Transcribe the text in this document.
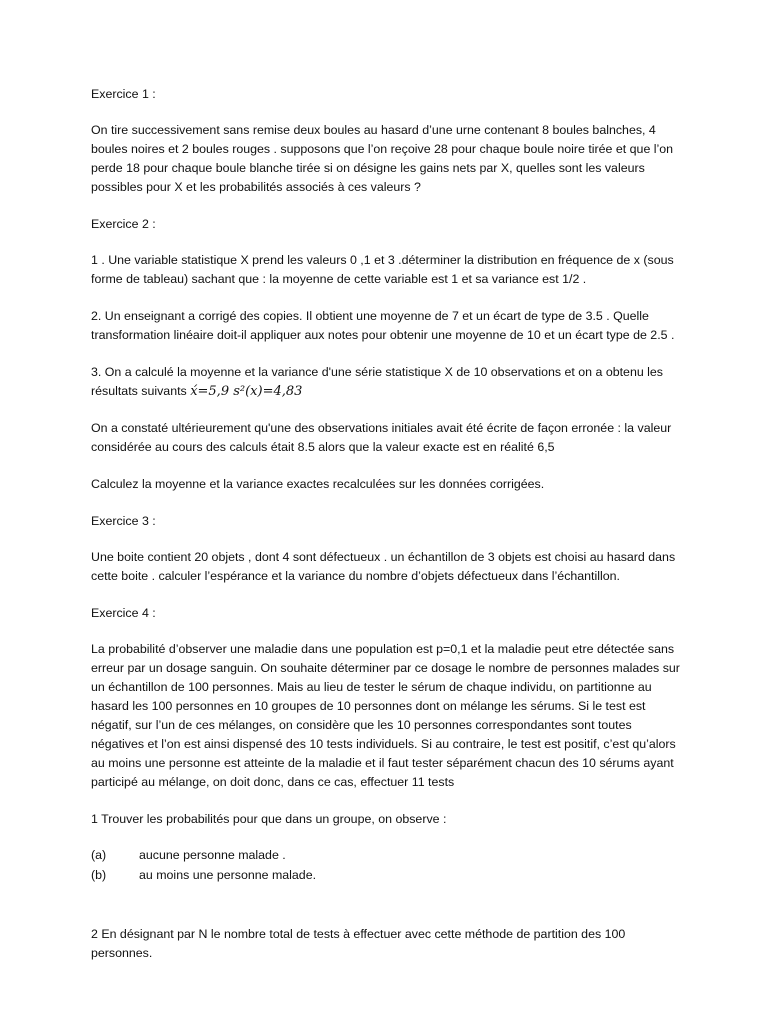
Exercice 1 :
On tire successivement sans remise deux boules au hasard d’une urne contenant 8 boules balnches, 4 boules noires et 2 boules rouges . supposons que l’on reçoive 28 pour chaque boule noire tirée et que l’on perde 18 pour chaque boule blanche tirée si on désigne les gains nets par X, quelles sont les valeurs possibles pour X et les probabilités associés à ces valeurs ?
Exercice 2 :
1 . Une variable statistique X prend les valeurs 0 ,1 et 3 .déterminer la distribution en fréquence de x (sous forme de tableau) sachant que : la moyenne de cette variable est 1 et sa variance est 1/2 .
2. Un enseignant a corrigé des copies. Il obtient une moyenne de 7 et un écart de type de 3.5 . Quelle transformation linéaire doit-il appliquer aux notes pour obtenir une moyenne de 10 et un écart type de 2.5 .
3. On a calculé la moyenne et la variance d'une série statistique X de 10 observations et on a obtenu les résultats suivants x́=5,9 s²(x)=4,83
On a constaté ultérieurement qu'une des observations initiales avait été écrite de façon erronée : la valeur considérée au cours des calculs était 8.5 alors que la valeur exacte est en réalité 6,5
Calculez la moyenne et la variance exactes recalculées sur les données corrigées.
Exercice 3 :
Une boite contient 20 objets , dont 4 sont défectueux . un échantillon de 3 objets est choisi au hasard dans cette boite . calculer l’espérance et la variance du nombre d’objets défectueux dans l’échantillon.
Exercice 4 :
La probabilité d’observer une maladie dans une population est p=0,1 et la maladie peut etre détectée sans erreur par un dosage sanguin. On souhaite déterminer par ce dosage le nombre de personnes malades sur un échantillon de 100 personnes. Mais au lieu de tester le sérum de chaque individu, on partitionne au hasard les 100 personnes en 10 groupes de 10 personnes dont on mélange les sérums. Si le test est négatif, sur l’un de ces mélanges, on considère que les 10 personnes correspondantes sont toutes négatives et l’on est ainsi dispensé des 10 tests individuels. Si au contraire, le test est positif, c’est qu’alors au moins une personne est atteinte de la maladie et il faut tester séparément chacun des 10 sérums ayant participé au mélange, on doit donc, dans ce cas, effectuer 11 tests
1 Trouver les probabilités pour que dans un groupe, on observe :
(a)	aucune personne malade .
(b)	au moins une personne malade.
2 En désignant par N le nombre total de tests à effectuer avec cette méthode de partition des 100 personnes.
